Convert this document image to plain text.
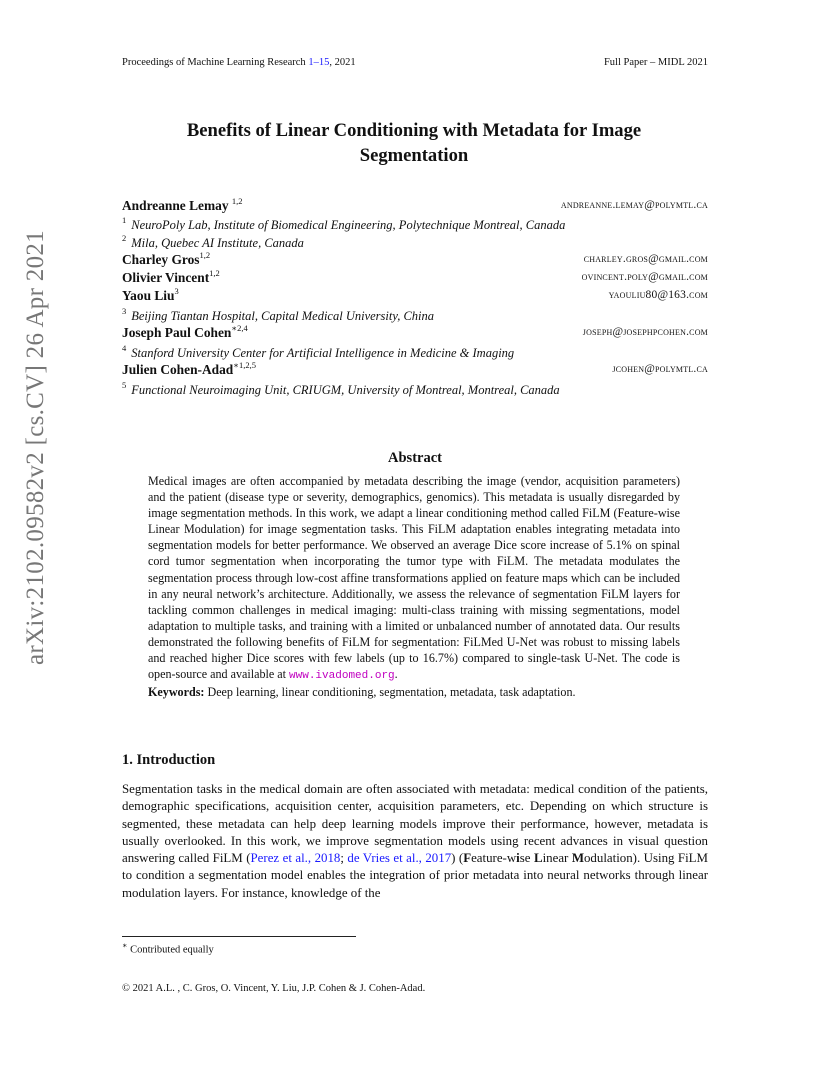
Proceedings of Machine Learning Research 1–15, 2021	Full Paper – MIDL 2021
Benefits of Linear Conditioning with Metadata for Image
Segmentation
Andreanne Lemay $^{1,2}$	andreanne.lemay@polymtl.ca
$^1$ NeuroPoly Lab, Institute of Biomedical Engineering, Polytechnique Montreal, Canada
$^2$ Mila, Quebec AI Institute, Canada
Charley Gros$^{1,2}$	charley.gros@gmail.com
Olivier Vincent$^{1,2}$	ovincent.poly@gmail.com
Yaou Liu$^3$	yaouliu80@163.com
$^3$ Beijing Tiantan Hospital, Capital Medical University, China
Joseph Paul Cohen$^{∗2,4}$	joseph@josephpcohen.com
$^4$ Stanford University Center for Artificial Intelligence in Medicine & Imaging
Julien Cohen-Adad$^{∗1,2,5}$	jcohen@polymtl.ca
$^5$ Functional Neuroimaging Unit, CRIUGM, University of Montreal, Montreal, Canada
arXiv:2102.09582v2 [cs.CV] 26 Apr 2021	Abstract
Medical images are often accompanied by metadata describing the image (vendor, acquisition parameters) and the patient (disease type or severity, demographics, genomics). This metadata is usually disregarded by image segmentation methods. In this work, we adapt a linear conditioning method called FiLM (Feature-wise Linear Modulation) for image segmentation tasks. This FiLM adaptation enables integrating metadata into segmentation models for better performance. We observed an average Dice score increase of 5.1% on spinal cord tumor segmentation when incorporating the tumor type with FiLM. The metadata modulates the segmentation process through low-cost affine transformations applied on feature maps which can be included in any neural network’s architecture. Additionally, we assess the relevance of segmentation FiLM layers for tackling common challenges in medical imaging: multi-class training with missing segmentations, model adaptation to multiple tasks, and training with a limited or unbalanced number of annotated data. Our results demonstrated the following benefits of FiLM for segmentation: FiLMed U-Net was robust to missing labels and reached higher Dice scores with few labels (up to 16.7%) compared to single-task U-Net. The code is open-source and available at www.ivadomed.org.
Keywords: Deep learning, linear conditioning, segmentation, metadata, task adaptation.
1. Introduction
Segmentation tasks in the medical domain are often associated with metadata: medical condition of the patients, demographic specifications, acquisition center, acquisition parameters, etc. Depending on which structure is segmented, these metadata can help deep learning models improve their performance, however, metadata is usually overlooked. In this work, we improve segmentation models using recent advances in visual question answering called FiLM (Perez et al., 2018; de Vries et al., 2017) (Feature-wise Linear Modulation). Using FiLM to condition a segmentation model enables the integration of prior metadata into neural networks through linear modulation layers. For instance, knowledge of the
∗ Contributed equally
© 2021 A.L. , C. Gros, O. Vincent, Y. Liu, J.P. Cohen & J. Cohen-Adad.
